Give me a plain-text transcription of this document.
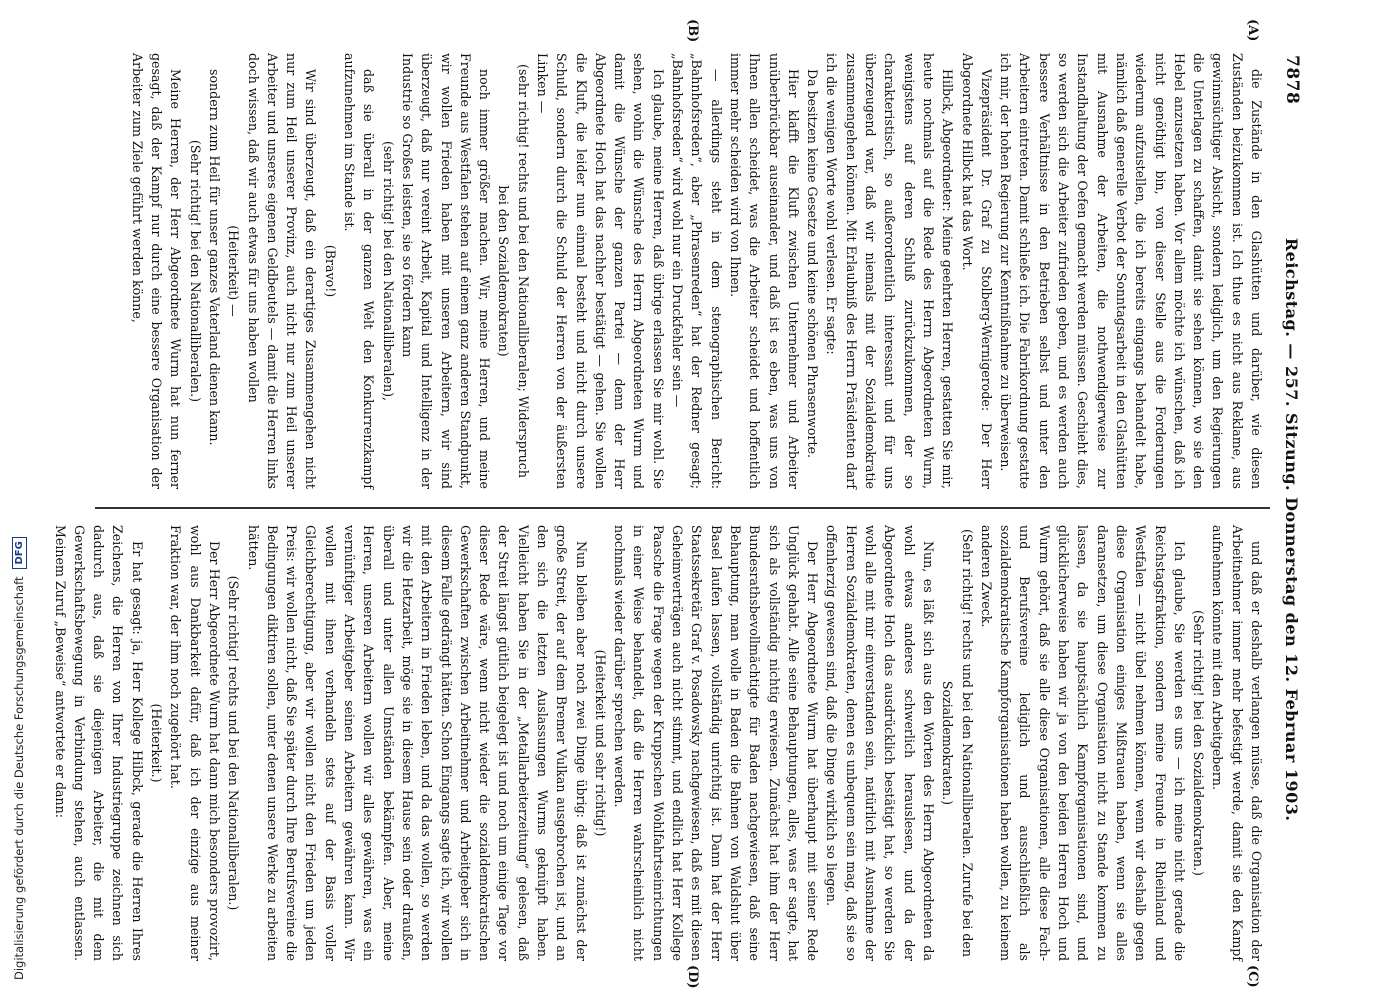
7878
Reichstag. — 257. Sitzung. Donnerstag den 12. Februar 1903.
(A)
(B)
(C)
(D)

die Zustände in den Glashütten und darüber, wie diesen Zuständen beizukommen ist. Ich thue es nicht aus Reklame, aus gewinnsüchtiger Absicht, sondern lediglich, um den Regierungen die Unterlagen zu schaffen, damit sie sehen können, wo sie den Hebel anzusetzen haben. Vor allem möchte ich wünschen, daß ich nicht genöthigt bin, von dieser Stelle aus die Forderungen wiederum aufzustellen, die ich bereits eingangs behandelt habe, nämlich daß generelle Verbot der Sonntagsarbeit in den Glashütten mit Ausnahme der Arbeiten, die nothwendigerweise zur Instandhaltung der Oefen gemacht werden müssen. Geschieht dies, so werden sich die Arbeiter zufrieden geben, und es werden auch bessere Verhältnisse in den Betrieben selbst und unter den Arbeitern eintreten. Damit schließe ich. Die Fabrikordnung gestatte ich mir, der hohen Regierung zur Kenntnißnahme zu überweisen.

Vizepräsident Dr. Graf zu Stolberg-Wernigerode: Der Herr Abgeordnete Hilbck hat das Wort.

Hilbck, Abgeordneter: Meine geehrten Herren, gestatten Sie mir, heute nochmals auf die Rede des Herrn Abgeordneten Wurm, wenigstens auf deren Schluß zurückzukommen, der so charakteristisch, so außerordentlich interessant und für uns überzeugend war, daß wir niemals mit der Sozialdemokratie zusammengehen können. Mit Erlaubniß des Herrn Präsidenten darf ich die wenigen Worte wohl verlesen. Er sagte:

Da besitzen keine Gesetze und keine schönen Phrasenworte.

Hier klafft die Kluft zwischen Unternehmer und Arbeiter unüberbrückbar auseinander, und daß ist es eben, was uns von Ihnen allen scheidet, was die Arbeiter scheidet und hoffentlich immer mehr scheiden wird von Ihnen.

— allerdings steht in dem stenographischen Bericht: „Bahnhofsreden“, aber „Phrasenreden“ hat der Redner gesagt; „Bahnhofsreden“ wird wohl nur ein Druckfehler sein —

Ich glaube, meine Herren, daß übrige erlassen Sie mir wohl. Sie sehen, wohin die Wünsche des Herrn Abgeordneten Wurm und damit die Wünsche der ganzen Partei — denn der Herr Abgeordnete Hoch hat das nachher bestätigt — gehen. Sie wollen die Kluft, die leider nun einmal besteht und nicht durch unsere Schuld, sondern durch die Schuld der Herren von der äußersten Linken —

(sehr richtig! rechts und bei den Nationalliberalen; Widerspruch bei den Sozialdemokraten)

noch immer größer machen. Wir, meine Herren, und meine Freunde aus Westfalen stehen auf einem ganz anderen Standpunkt, wir wollen Frieden haben mit unseren Arbeitern, wir sind überzeugt, daß nur vereint Arbeit, Kapital und Intelligenz in der Industrie so Großes leisten, sie so fördern kann

(sehr richtig! bei den Nationalliberalen),

daß sie überall in der ganzen Welt den Konkurrenzkampf aufzunehmen im Stande ist.

(Bravo!)

Wir sind überzeugt, daß ein derartiges Zusammengehen nicht nur zum Heil unserer Provinz, auch nicht nur zum Heil unserer Arbeiter und unseres eigenen Geldbeutels — damit die Herren links doch wissen, daß wir auch etwas für uns haben wollen

(Heiterkeit) —

sondern zum Heil für unser ganzes Vaterland dienen kann.

(Sehr richtig! bei den Nationalliberalen.)

Meine Herren, der Herr Abgeordnete Wurm hat nun ferner gesagt, daß der Kampf nur durch eine bessere Organisation der Arbeiter zum Ziele geführt werden könne,

und daß er deshalb verlangen müsse, daß die Organisation der Arbeitnehmer immer mehr befestigt werde, damit sie den Kampf aufnehmen könnte mit den Arbeitgebern.

(Sehr richtig! bei den Sozialdemokraten.)

Ich glaube, Sie werden es uns — ich meine nicht gerade die Reichstagsfraktion, sondern meine Freunde in Rheinland und Westfalen — nicht übel nehmen können, wenn wir deshalb gegen diese Organisation einiges Mißtrauen haben, wenn sie alles daransetzen, um diese Organisation nicht zu Stande kommen zu lassen, da sie hauptsächlich Kampforganisationen sind, und glücklicherweise haben wir ja von den beiden Herren Hoch und Wurm gehört, daß sie alle diese Organisationen, alle diese Fach- und Berufsvereine lediglich und ausschließlich als sozialdemokratische Kampforganisationen haben wollen, zu keinem anderen Zweck.

(Sehr richtig! rechts und bei den Nationalliberalen. Zurufe bei den Sozialdemokraten.)

Nun, es läßt sich aus den Worten des Herrn Abgeordneten da wohl etwas anderes schwerlich herauslesen, und da der Abgeordnete Hoch das ausdrücklich bestätigt hat, so werden Sie wohl alle mit mir einverstanden sein, natürlich mit Ausnahme der Herren Sozialdemokraten, denen es unbequem sein mag, daß sie so offenherzig gewesen sind, daß die Dinge wirklich so liegen.

Der Herr Abgeordnete Wurm hat überhaupt mit seiner Rede Unglück gehabt. Alle seine Behauptungen, alles, was er sagte, hat sich als vollständig nichtig erwiesen. Zunächst hat ihm der Herr Bundesrathsbevollmächtigte für Baden nachgewiesen, daß seine Behauptung, man wolle in Baden die Bahnen von Waldshut über Basel laufen lassen, vollständig unrichtig ist. Dann hat der Herr Staatssekretär Graf v. Posadowsky nachgewiesen, daß es mit diesen Geheimverträgen auch nicht stimmt, und endlich hat Herr Kollege Paasche die Frage wegen der Kruppschen Wohlfahrtseinrichtungen in einer Weise behandelt, daß die Herren wahrscheinlich nicht nochmals wieder darüber sprechen werden.

(Heiterkeit und sehr richtig!)

Nun bleiben aber noch zwei Dinge übrig: daß ist zunächst der große Streit, der auf dem Bremer Vulkan ausgebrochen ist, und an den sich die letzten Auslassungen Wurms geknüpft haben. Vielleicht haben Sie in der „Metallarbeiterzeitung“ gelesen, daß der Streit längst gütlich beigelegt ist und noch um einige Tage vor dieser Rede wäre, wenn nicht wieder die sozialdemokratischen Gewerkschaften zwischen Arbeitnehmer und Arbeitgeber sich in diesem Falle gedrängt hätten. Schon Eingangs sagte ich, wir wollen mit den Arbeitern in Frieden leben, und da das wollen, so werden wir die Hetzarbeit, möge sie in diesem Hause sein oder draußen, überall und unter allen Umständen bekämpfen. Aber, meine Herren, unseren Arbeitern wollen wir alles gewähren, was ein vernünftiger Arbeitgeber seinen Arbeitern gewähren kann. Wir wollen mit ihnen verhandeln stets auf der Basis voller Gleichberechtigung, aber wir wollen nicht den Frieden um jeden Preis: wir wollen nicht, daß Sie später durch Ihre Berufsvereine die Bedingungen diktiren sollen, unter denen unsere Werke zu arbeiten hätten.

(Sehr richtig! rechts und bei den Nationalliberalen.)

Der Herr Abgeordnete Wurm hat dann mich besonders provozirt, wohl aus Dankbarkeit dafür, daß ich der einzige aus meiner Fraktion war, der ihm noch zugehört hat.

(Heiterkeit.)

Er hat gesagt: ja, Herr Kollege Hilbck, gerade die Herren Ihres Zeichens, die Herren von Ihrer Industriegruppe zeichnen sich dadurch aus, daß sie diejenigen Arbeiter, die mit dem Gewerkschaftsbewegung in Verbindung stehen, auch entlassen. Meinem Zuruf „Beweise“ antwortete er dann:

Digitalisierung gefördert durch die Deutsche Forschungsgemeinschaft
DFG
